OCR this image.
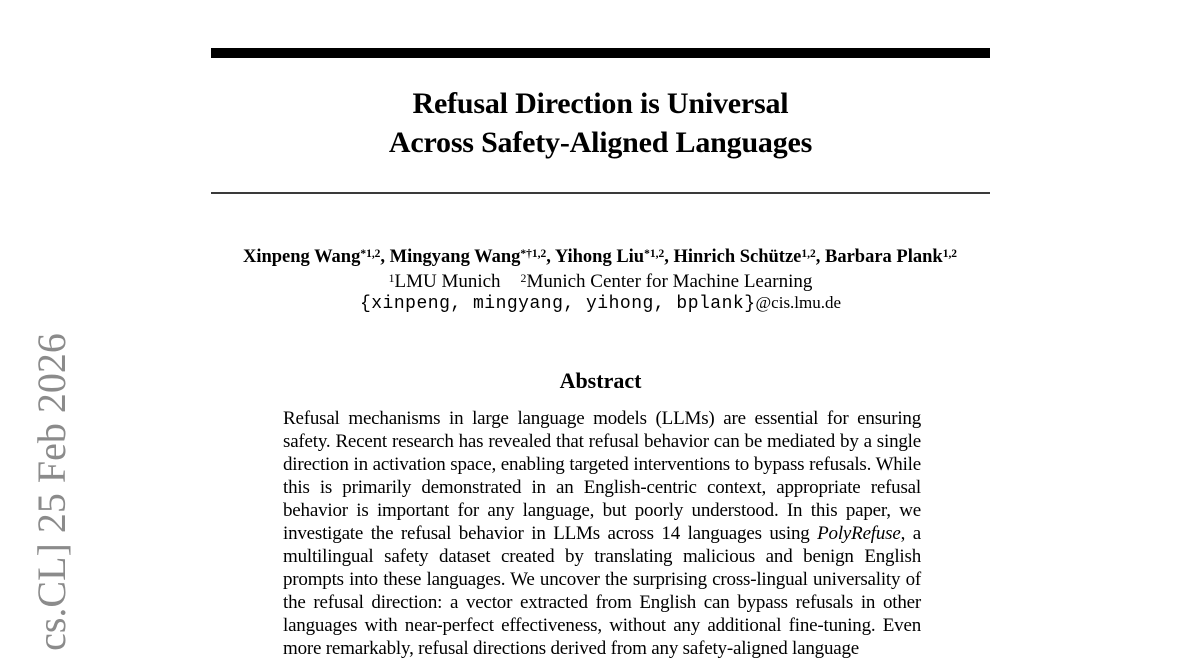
cs.CL] 25 Feb 2026
Refusal Direction is Universal
Across Safety-Aligned Languages
Xinpeng Wang$^{*1,2}$, Mingyang Wang$^{*\dagger 1,2}$, Yihong Liu$^{*1,2}$, Hinrich Schütze$^{1,2}$, Barbara Plank$^{1,2}$
$^1$LMU Munich $^2$Munich Center for Machine Learning
{xinpeng, mingyang, yihong, bplank}@cis.lmu.de
Abstract

Refusal mechanisms in large language models (LLMs) are essential for ensuring safety. Recent research has revealed that refusal behavior can be mediated by a single direction in activation space, enabling targeted interventions to bypass refusals. While this is primarily demonstrated in an English-centric context, appropriate refusal behavior is important for any language, but poorly understood. In this paper, we investigate the refusal behavior in LLMs across 14 languages using PolyRefuse, a multilingual safety dataset created by translating malicious and benign English prompts into these languages. We uncover the surprising cross-lingual universality of the refusal direction: a vector extracted from English can bypass refusals in other languages with near-perfect effectiveness, without any additional fine-tuning. Even more remarkably, refusal directions derived from any safety-aligned language
